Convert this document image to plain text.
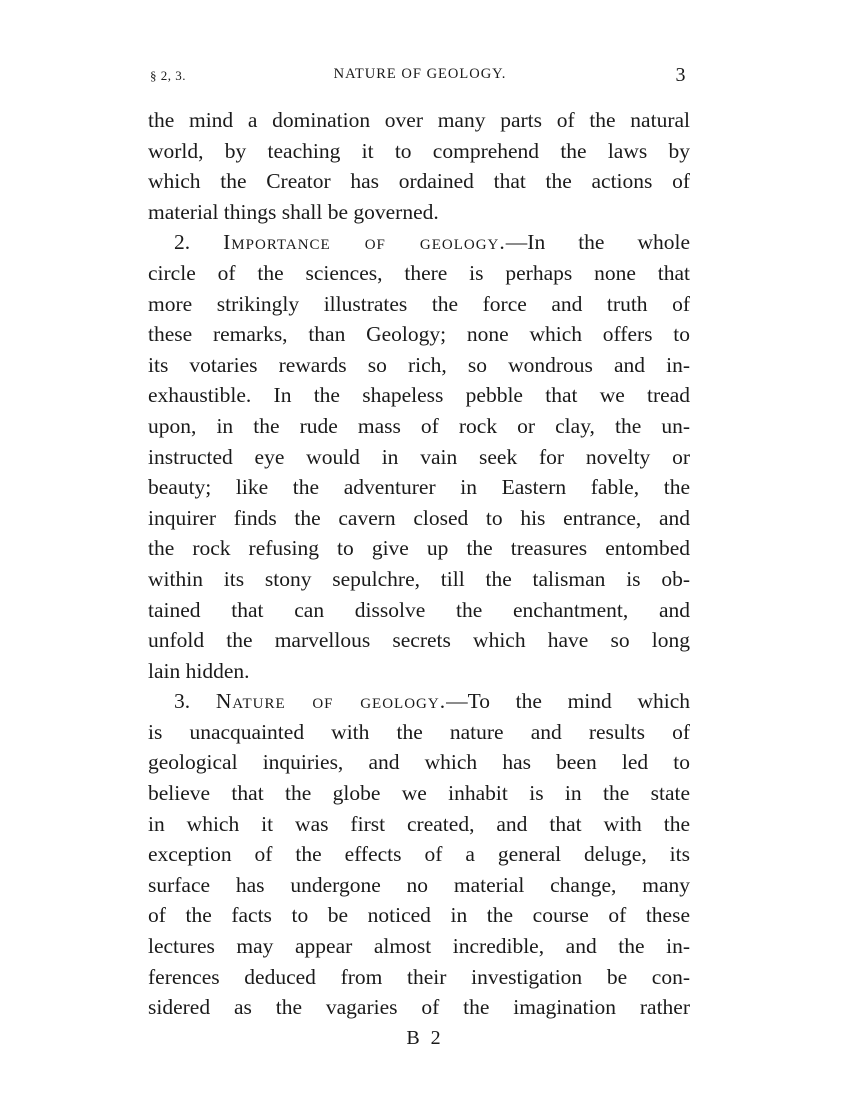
§ 2, 3.	NATURE OF GEOLOGY.	3
the mind a domination over many parts of the natural
world, by teaching it to comprehend the laws by
which the Creator has ordained that the actions of
material things shall be governed.
2. Importance of geology.—In the whole
circle of the sciences, there is perhaps none that
more strikingly illustrates the force and truth of
these remarks, than Geology; none which offers to
its votaries rewards so rich, so wondrous and in-
exhaustible. In the shapeless pebble that we tread
upon, in the rude mass of rock or clay, the un-
instructed eye would in vain seek for novelty or
beauty; like the adventurer in Eastern fable, the
inquirer finds the cavern closed to his entrance, and
the rock refusing to give up the treasures entombed
within its stony sepulchre, till the talisman is ob-
tained that can dissolve the enchantment, and
unfold the marvellous secrets which have so long
lain hidden.
3. Nature of geology.—To the mind which
is unacquainted with the nature and results of
geological inquiries, and which has been led to
believe that the globe we inhabit is in the state
in which it was first created, and that with the
exception of the effects of a general deluge, its
surface has undergone no material change, many
of the facts to be noticed in the course of these
lectures may appear almost incredible, and the in-
ferences deduced from their investigation be con-
sidered as the vagaries of the imagination rather
B 2
